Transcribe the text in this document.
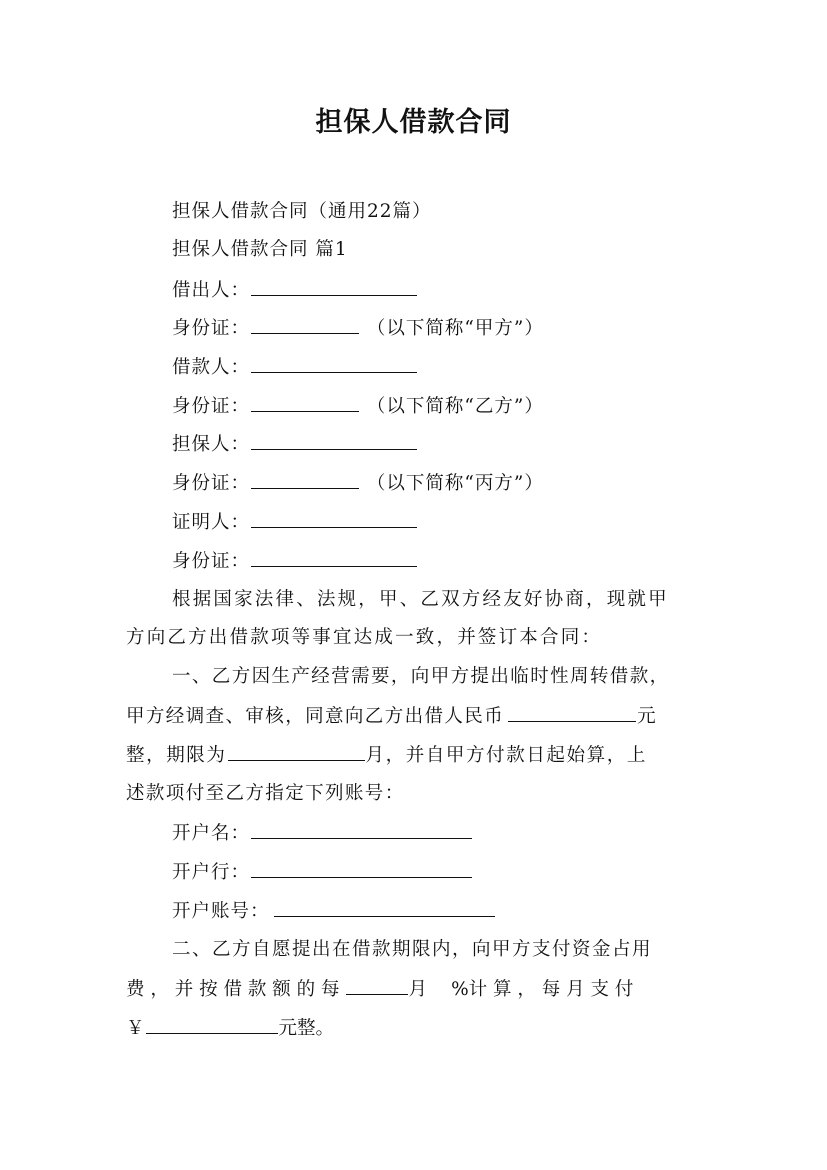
担保人借款合同
担保人借款合同（通用22篇）
担保人借款合同 篇1
借出人：
身份证：	（以下简称“甲方”）
借款人：
身份证：	（以下简称“乙方”）
担保人：
身份证：	（以下简称“丙方”）
证明人：
身份证：
根据国家法律、法规，甲、乙双方经友好协商，现就甲
方向乙方出借款项等事宜达成一致，并签订本合同：
一、乙方因生产经营需要，向甲方提出临时性周转借款，
甲方经调查、审核，同意向乙方出借人民币	元
整，期限为	月，并自甲方付款日起始算，上
述款项付至乙方指定下列账号：
开户名：
开户行：
开户账号：
二、乙方自愿提出在借款期限内，向甲方支付资金占用
费 ， 并 按 借 款 额 的 每	月 %计 算 ， 每 月 支 付
￥	元整。
